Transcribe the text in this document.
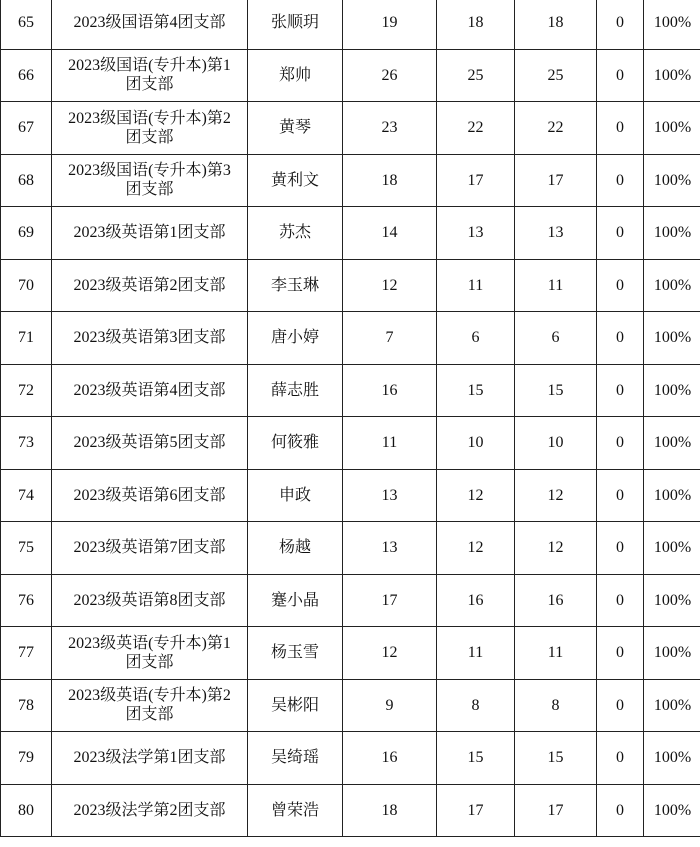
65	2023级国语第4团支部	张顺玥	19	18	18	0	100%
66	2023级国语(专升本)第1
团支部	郑帅	26	25	25	0	100%
67	2023级国语(专升本)第2
团支部	黄琴	23	22	22	0	100%
68	2023级国语(专升本)第3
团支部	黄利文	18	17	17	0	100%
69	2023级英语第1团支部	苏杰	14	13	13	0	100%
70	2023级英语第2团支部	李玉琳	12	11	11	0	100%
71	2023级英语第3团支部	唐小婷	7	6	6	0	100%
72	2023级英语第4团支部	薛志胜	16	15	15	0	100%
73	2023级英语第5团支部	何筱雅	11	10	10	0	100%
74	2023级英语第6团支部	申政	13	12	12	0	100%
75	2023级英语第7团支部	杨越	13	12	12	0	100%
76	2023级英语第8团支部	蹇小晶	17	16	16	0	100%
77	2023级英语(专升本)第1
团支部	杨玉雪	12	11	11	0	100%
78	2023级英语(专升本)第2
团支部	吴彬阳	9	8	8	0	100%
79	2023级法学第1团支部	吴绮瑶	16	15	15	0	100%
80	2023级法学第2团支部	曾荣浩	18	17	17	0	100%
